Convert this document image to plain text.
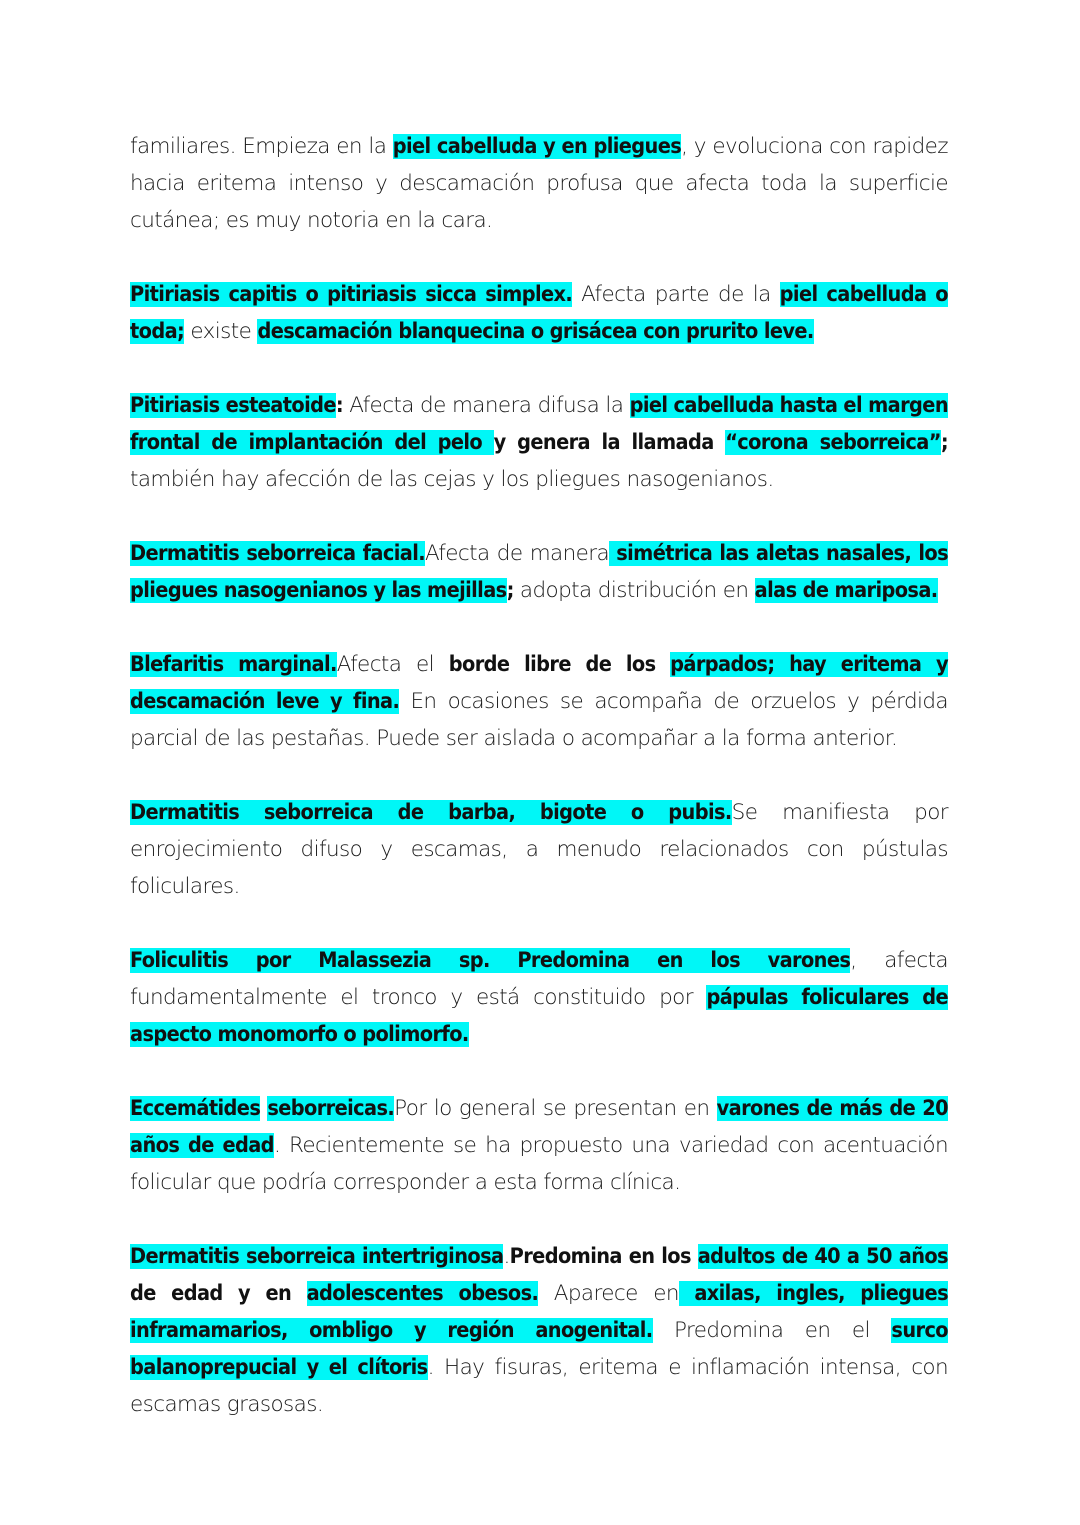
familiares. Empieza en la piel cabelluda y en pliegues, y evoluciona con rapidez hacia eritema intenso y descamación profusa que afecta toda la superficie cutánea; es muy notoria en la cara.

Pitiriasis capitis o pitiriasis sicca simplex. Afecta parte de la piel cabelluda o toda; existe descamación blanquecina o grisácea con prurito leve.

Pitiriasis esteatoide: Afecta de manera difusa la piel cabelluda hasta el margen frontal de implantación del pelo y genera la llamada “corona seborreica”; también hay afección de las cejas y los pliegues nasogenianos.

Dermatitis seborreica facial.Afecta de manera simétrica las aletas nasales, los pliegues nasogenianos y las mejillas; adopta distribución en alas de mariposa.

Blefaritis marginal.Afecta el borde libre de los párpados; hay eritema y descamación leve y fina. En ocasiones se acompaña de orzuelos y pérdida parcial de las pestañas. Puede ser aislada o acompañar a la forma anterior.

Dermatitis seborreica de barba, bigote o pubis.Se manifiesta por enrojecimiento difuso y escamas, a menudo relacionados con pústulas foliculares.

Foliculitis por Malassezia sp. Predomina en los varones, afecta fundamentalmente el tronco y está constituido por pápulas foliculares de aspecto monomorfo o polimorfo.

Eccemátides seborreicas.Por lo general se presentan en varones de más de 20 años de edad. Recientemente se ha propuesto una variedad con acentuación folicular que podría corresponder a esta forma clínica.

Dermatitis seborreica intertriginosa.Predomina en los adultos de 40 a 50 años de edad y en adolescentes obesos. Aparece en axilas, ingles, pliegues inframamarios, ombligo y región anogenital. Predomina en el surco balanoprepucial y el clítoris. Hay fisuras, eritema e inflamación intensa, con escamas grasosas.
